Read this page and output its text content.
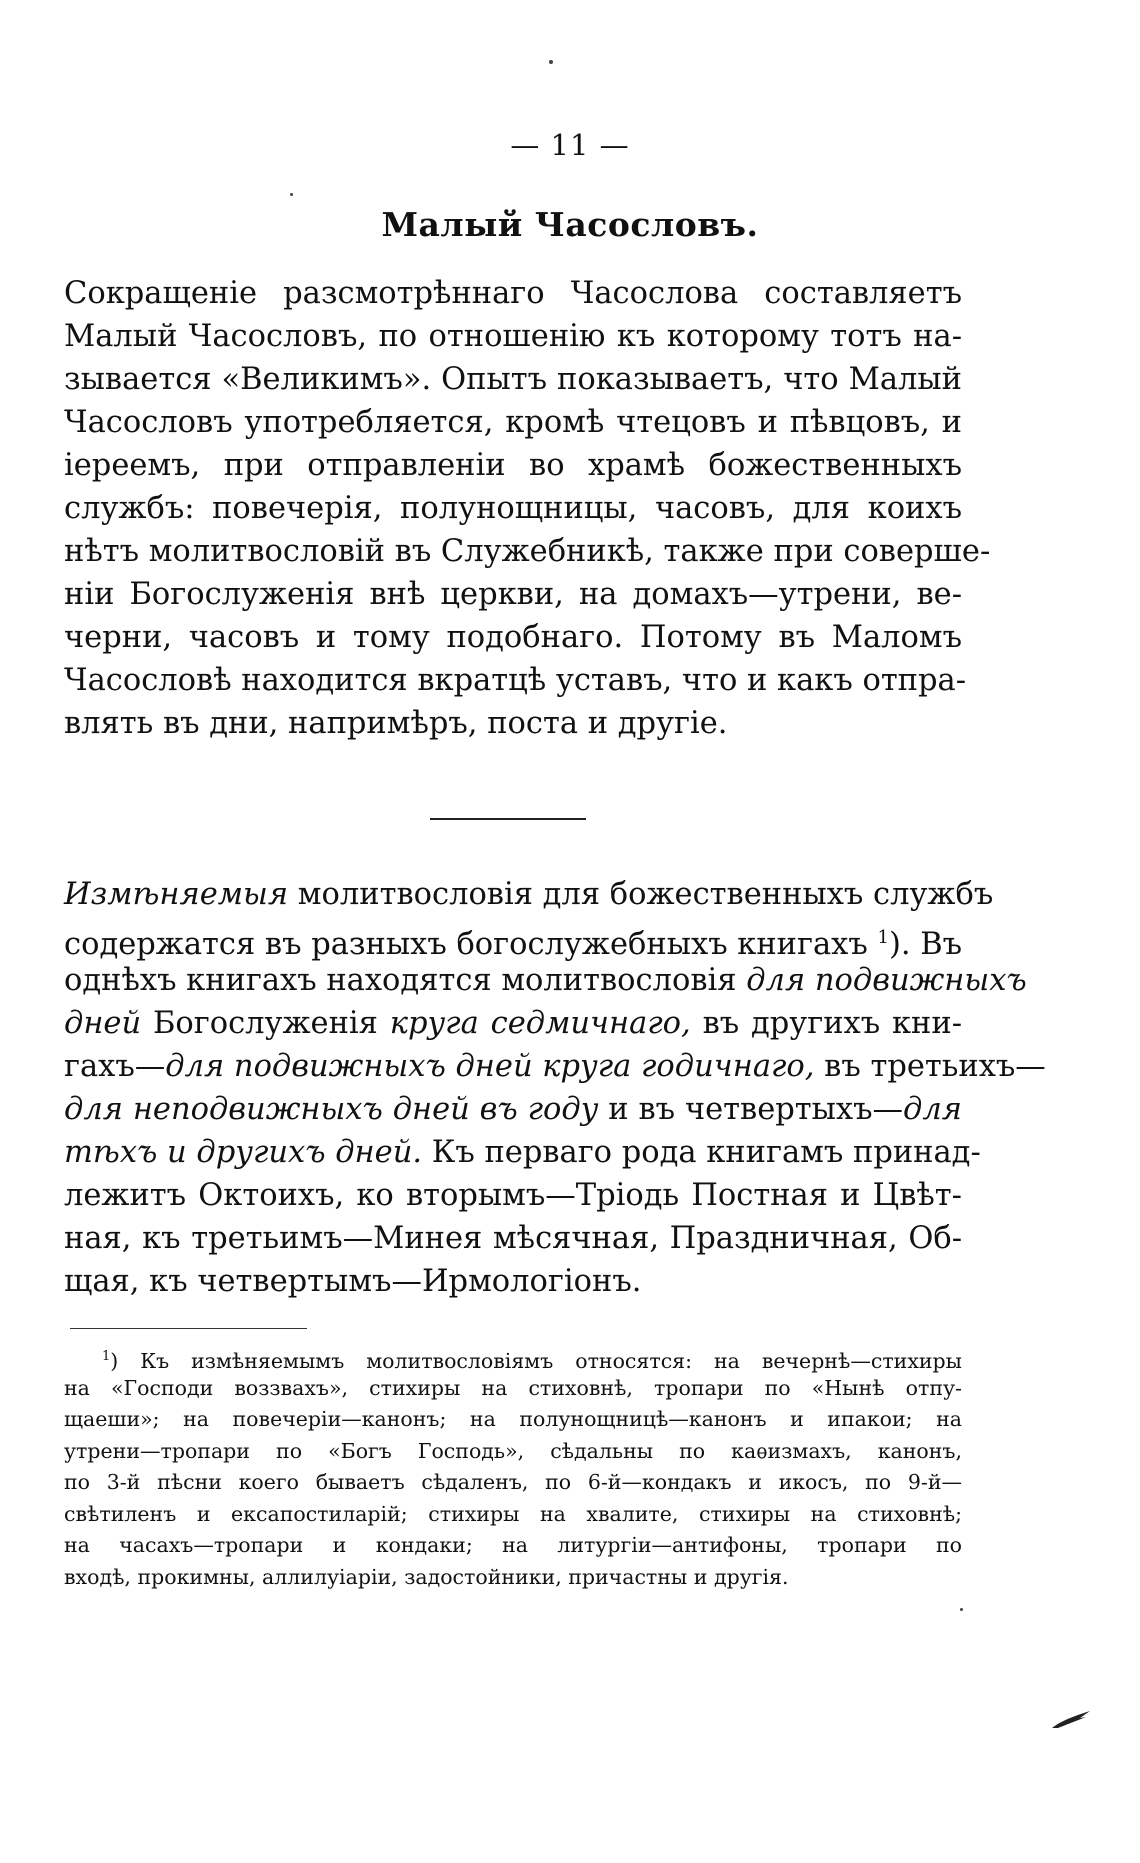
— 11 —
Малый Часословъ.
Сокращеніе разсмотрѣннаго Часослова составляетъ
Малый Часословъ, по отношенію къ которому тотъ на-
зывается «Великимъ». Опытъ показываетъ, что Малый
Часословъ употребляется, кромѣ чтецовъ и пѣвцовъ, и
іереемъ, при отправленіи во храмѣ божественныхъ
службъ: повечерія, полунощницы, часовъ, для коихъ
нѣтъ молитвословій въ Служебникѣ, также при соверше-
ніи Богослуженія внѣ церкви, на домахъ—утрени, ве-
черни, часовъ и тому подобнаго. Потому въ Маломъ
Часословѣ находится вкратцѣ уставъ, что и какъ отпра-
влять въ дни, напримѣръ, поста и другіе.
Измѣняемыя молитвословія для божественныхъ службъ
содержатся въ разныхъ богослужебныхъ книгахъ $^1$). Въ
однѣхъ книгахъ находятся молитвословія для подвижныхъ
дней Богослуженія круга седмичнаго, въ другихъ кни-
гахъ—для подвижныхъ дней круга годичнаго, въ третьихъ—
для неподвижныхъ дней въ году и въ четвертыхъ—для
тѣхъ и другихъ дней. Къ перваго рода книгамъ принад-
лежитъ Октоихъ, ко вторымъ—Тріодь Постная и Цвѣт-
ная, къ третьимъ—Минея мѣсячная, Праздничная, Об-
щая, къ четвертымъ—Ирмологіонъ.
$^1$) Къ измѣняемымъ молитвословіямъ относятся: на вечернѣ—стихиры
на «Господи воззвахъ», стихиры на стиховнѣ, тропари по «Нынѣ отпу-
щаеши»; на повечеріи—канонъ; на полунощницѣ—канонъ и ипакои; на
утрени—тропари по «Богъ Господь», сѣдальны по каѳизмахъ, канонъ,
по 3-й пѣсни коего бываетъ сѣдаленъ, по 6-й—кондакъ и икосъ, по 9-й—
свѣтиленъ и ексапостиларій; стихиры на хвалите, стихиры на стиховнѣ;
на часахъ—тропари и кондаки; на литургіи—антифоны, тропари по
входѣ, прокимны, аллилуіаріи, задостойники, причастны и другія.
